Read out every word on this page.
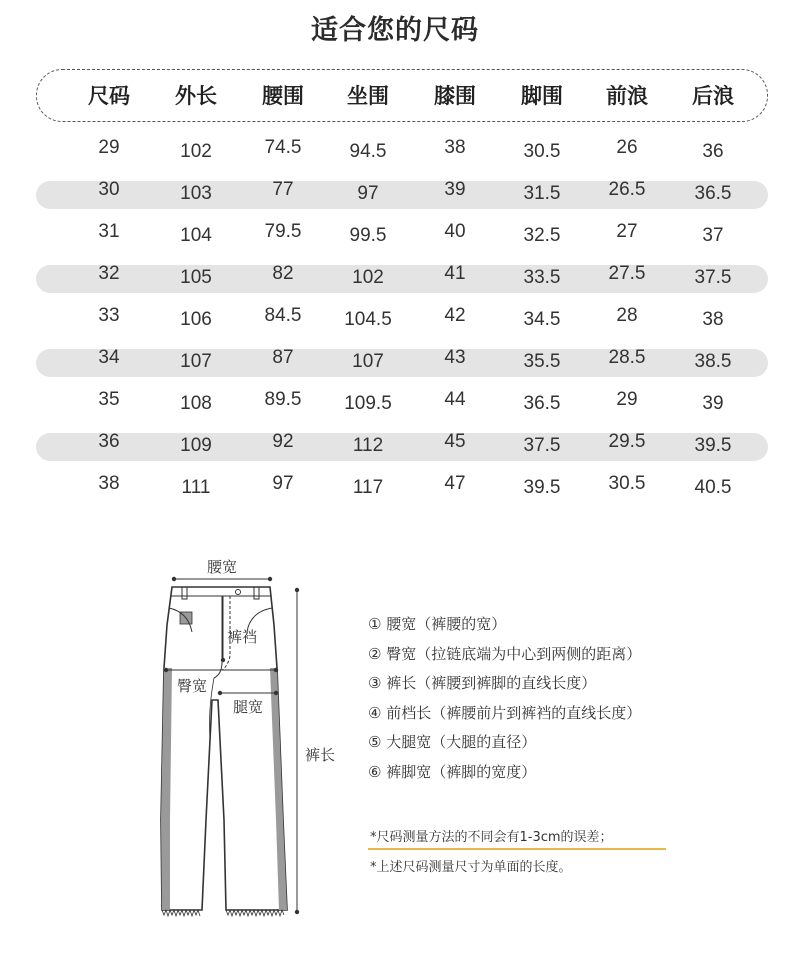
适合您的尺码
尺码	外长	腰围	坐围	膝围	脚围	前浪	后浪
29	102	74.5	94.5	38	30.5	26	36
30	103	77	97	39	31.5	26.5	36.5
31	104	79.5	99.5	40	32.5	27	37
32	105	82	102	41	33.5	27.5	37.5
33	106	84.5	104.5	42	34.5	28	38
34	107	87	107	43	35.5	28.5	38.5
35	108	89.5	109.5	44	36.5	29	39
36	109	92	112	45	37.5	29.5	39.5
38	111	97	117	47	39.5	30.5	40.5
腰宽
裤裆
臀宽
腿宽
裤长
① 腰宽（裤腰的宽）
② 臀宽（拉链底端为中心到两侧的距离）
③ 裤长（裤腰到裤脚的直线长度）
④ 前档长（裤腰前片到裤裆的直线长度）
⑤ 大腿宽（大腿的直径）
⑥ 裤脚宽（裤脚的宽度）
*尺码测量方法的不同会有1-3cm的误差；
*上述尺码测量尺寸为单面的长度。
